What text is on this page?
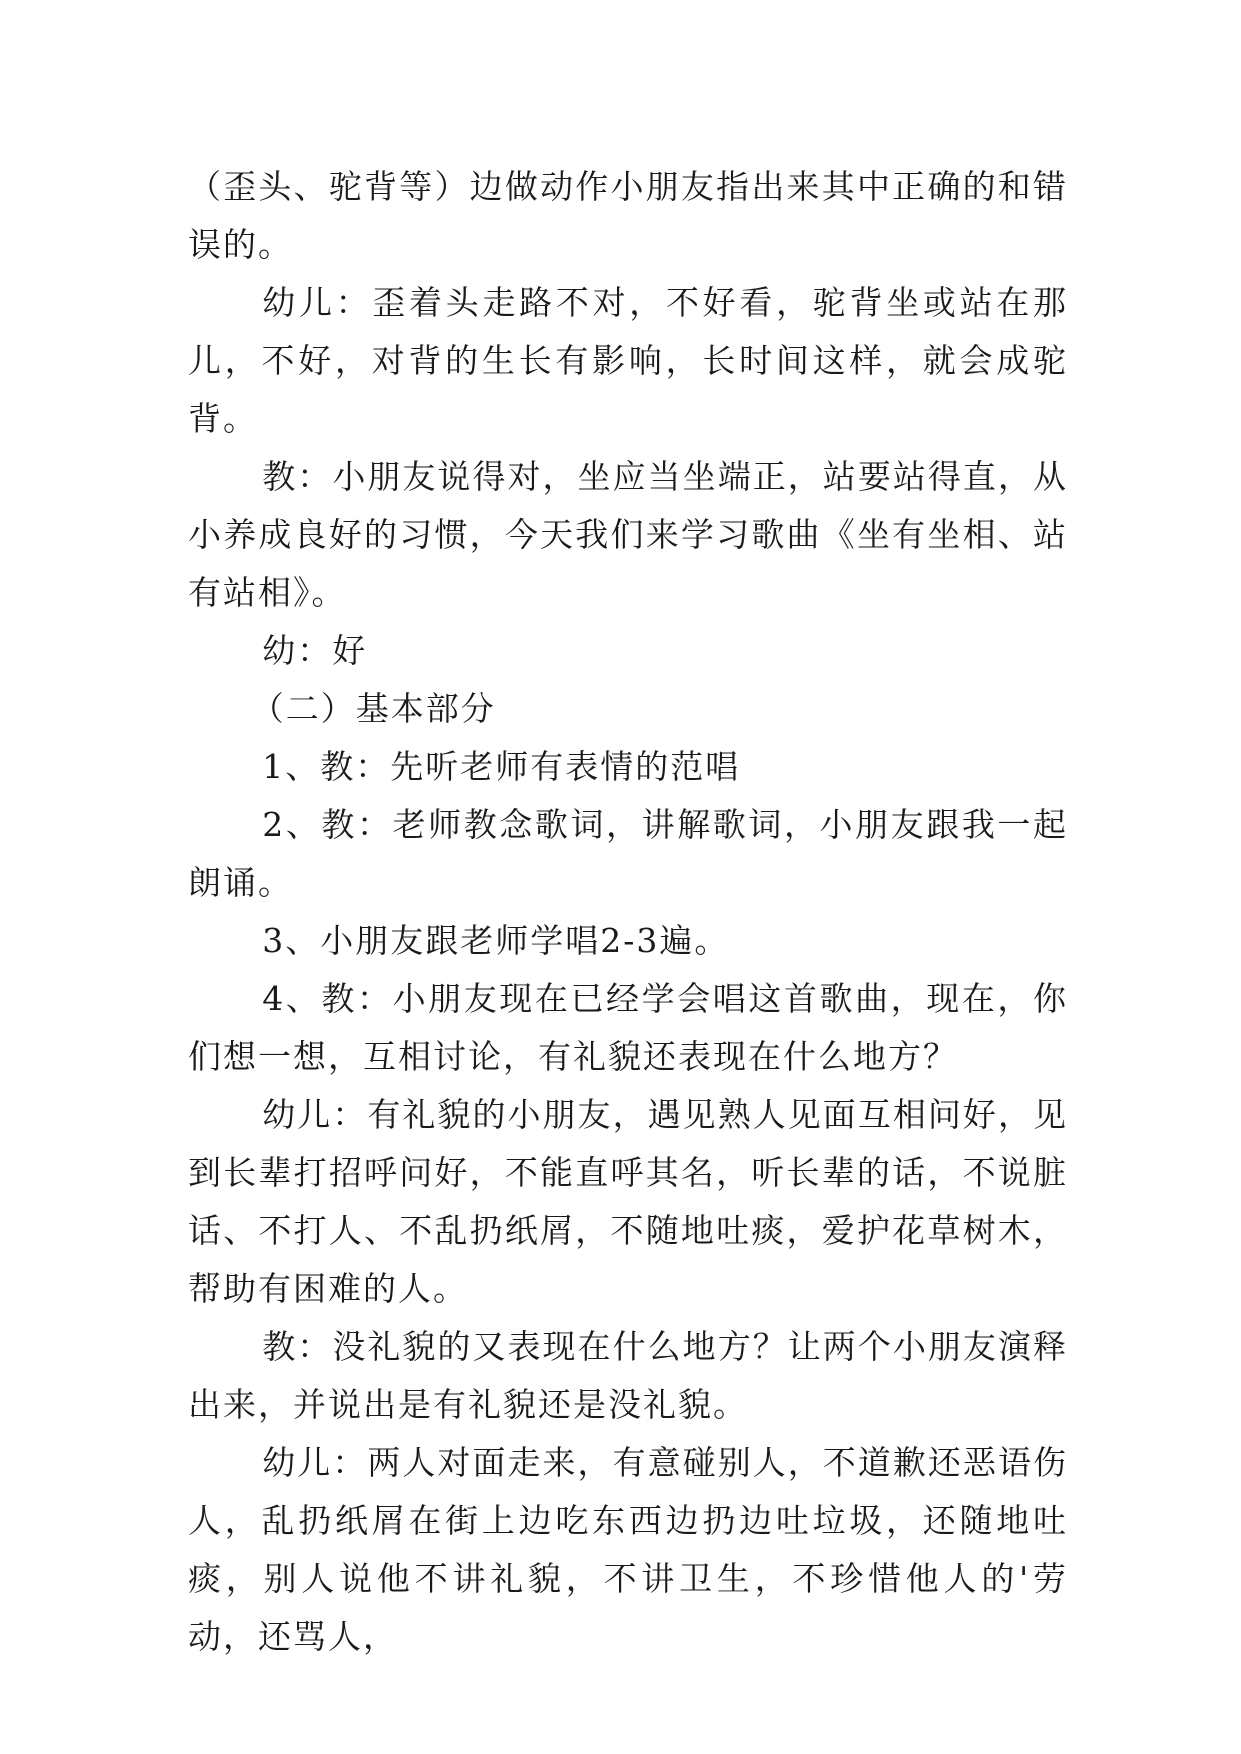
（歪头、驼背等）边做动作小朋友指出来其中正确的和错误的。

幼儿：歪着头走路不对，不好看，驼背坐或站在那儿，不好，对背的生长有影响，长时间这样，就会成驼背。

教：小朋友说得对，坐应当坐端正，站要站得直，从小养成良好的习惯，今天我们来学习歌曲《坐有坐相、站有站相》。

幼：好

（二）基本部分

1、教：先听老师有表情的范唱

2、教：老师教念歌词，讲解歌词，小朋友跟我一起朗诵。

3、小朋友跟老师学唱2-3遍。

4、教：小朋友现在已经学会唱这首歌曲，现在，你们想一想，互相讨论，有礼貌还表现在什么地方？

幼儿：有礼貌的小朋友，遇见熟人见面互相问好，见到长辈打招呼问好，不能直呼其名，听长辈的话，不说脏话、不打人、不乱扔纸屑，不随地吐痰，爱护花草树木，帮助有困难的人。

教：没礼貌的又表现在什么地方？让两个小朋友演释出来，并说出是有礼貌还是没礼貌。

幼儿：两人对面走来，有意碰别人，不道歉还恶语伤人，乱扔纸屑在街上边吃东西边扔边吐垃圾，还随地吐痰，别人说他不讲礼貌，不讲卫生，不珍惜他人的'劳动，还骂人，
